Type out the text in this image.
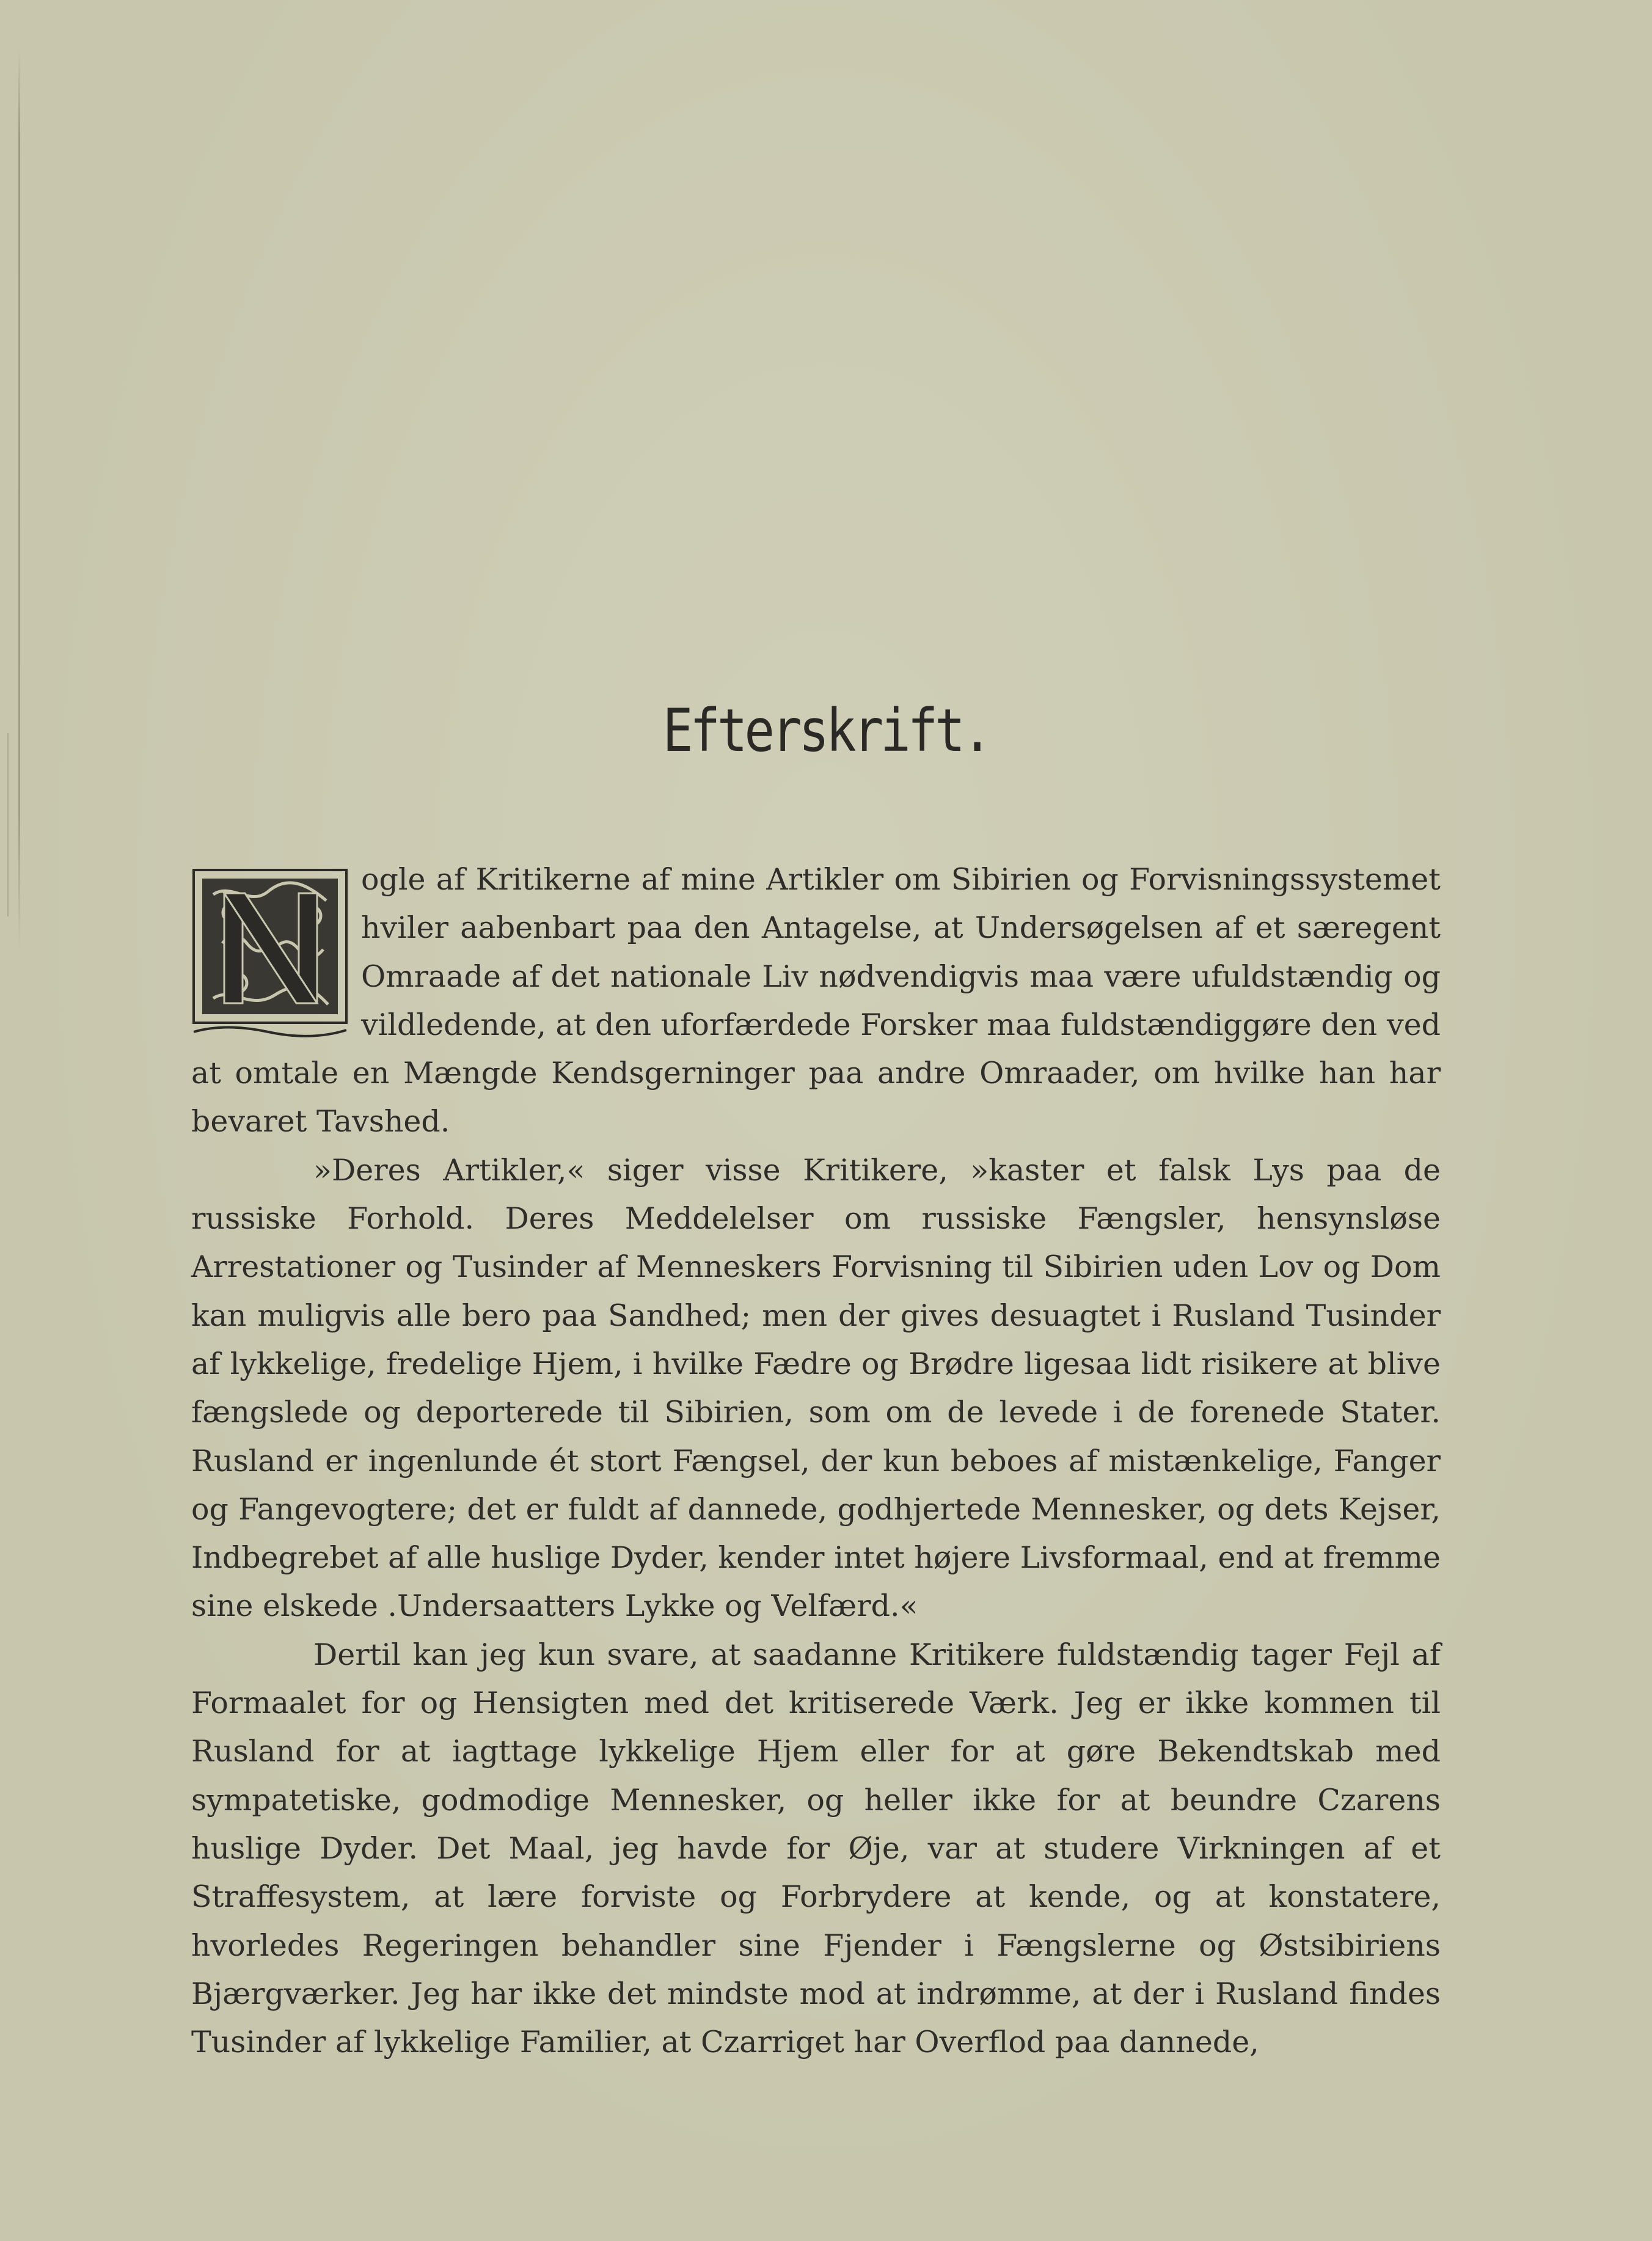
Efterskrift.

ogle af Kritikerne af mine Artikler om Sibirien og Forvisningssystemet hviler aabenbart paa den Antagelse, at Undersøgelsen af et særegent Omraade af det nationale Liv nødvendigvis maa være ufuldstændig og vildledende, at den uforfærdede Forsker maa fuldstændiggøre den ved at omtale en Mængde Kendsgerninger paa andre Omraader, om hvilke han har bevaret Tavshed.

»Deres Artikler,« siger visse Kritikere, »kaster et falsk Lys paa de russiske Forhold. Deres Meddelelser om russiske Fængsler, hensynsløse Arrestationer og Tusinder af Menneskers Forvisning til Sibirien uden Lov og Dom kan muligvis alle bero paa Sandhed; men der gives desuagtet i Rusland Tusinder af lykkelige, fredelige Hjem, i hvilke Fædre og Brødre ligesaa lidt risikere at blive fængslede og deporterede til Sibirien, som om de levede i de forenede Stater. Rusland er ingenlunde ét stort Fængsel, der kun beboes af mistænkelige, Fanger og Fangevogtere; det er fuldt af dannede, godhjertede Mennesker, og dets Kejser, Indbegrebet af alle huslige Dyder, kender intet højere Livsformaal, end at fremme sine elskede .Undersaatters Lykke og Velfærd.«

Dertil kan jeg kun svare, at saadanne Kritikere fuldstændig tager Fejl af Formaalet for og Hensigten med det kritiserede Værk. Jeg er ikke kommen til Rusland for at iagttage lykkelige Hjem eller for at gøre Bekendtskab med sympatetiske, godmodige Mennesker, og heller ikke for at beundre Czarens huslige Dyder. Det Maal, jeg havde for Øje, var at studere Virkningen af et Straffesystem, at lære forviste og Forbrydere at kende, og at konstatere, hvorledes Regeringen behandler sine Fjender i Fængslerne og Østsibiriens Bjærgværker. Jeg har ikke det mindste mod at indrømme, at der i Rusland findes Tusinder af lykkelige Familier, at Czarriget har Overflod paa dannede,
